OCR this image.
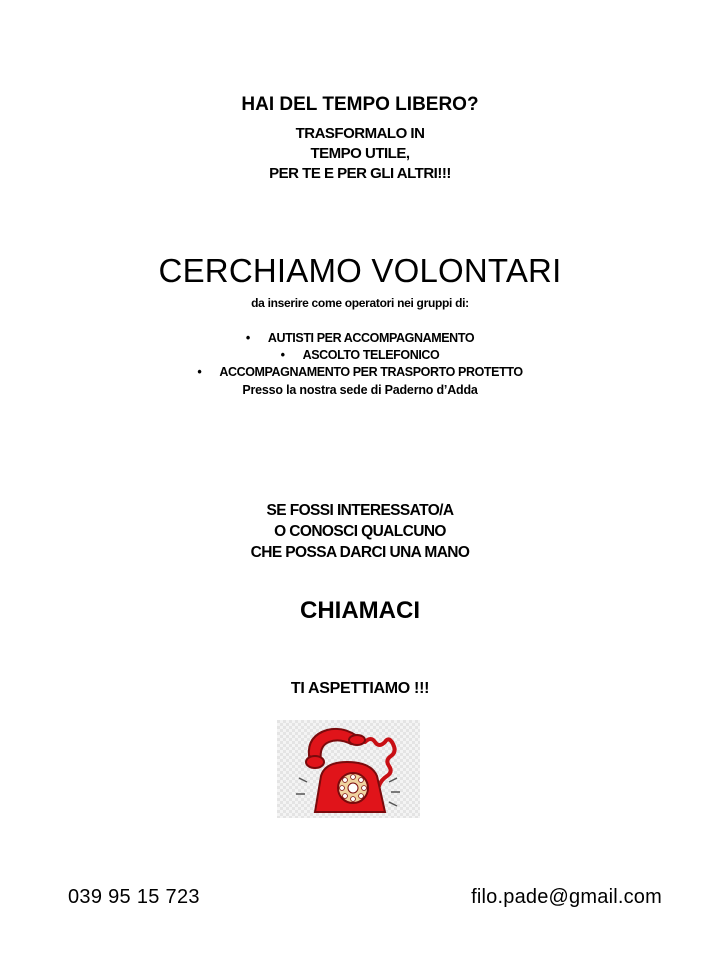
HAI DEL TEMPO LIBERO?
TRASFORMALO IN
TEMPO UTILE,
PER TE E PER GLI ALTRI!!!
CERCHIAMO VOLONTARI
da inserire come operatori nei gruppi di:
• AUTISTI PER ACCOMPAGNAMENTO
• ASCOLTO TELEFONICO
• ACCOMPAGNAMENTO PER TRASPORTO PROTETTO
Presso la nostra sede di Paderno d’Adda
SE FOSSI INTERESSATO/A
O CONOSCI QUALCUNO
CHE POSSA DARCI UNA MANO
CHIAMACI
TI ASPETTIAMO !!!
039 95 15 723	filo.pade@gmail.com
